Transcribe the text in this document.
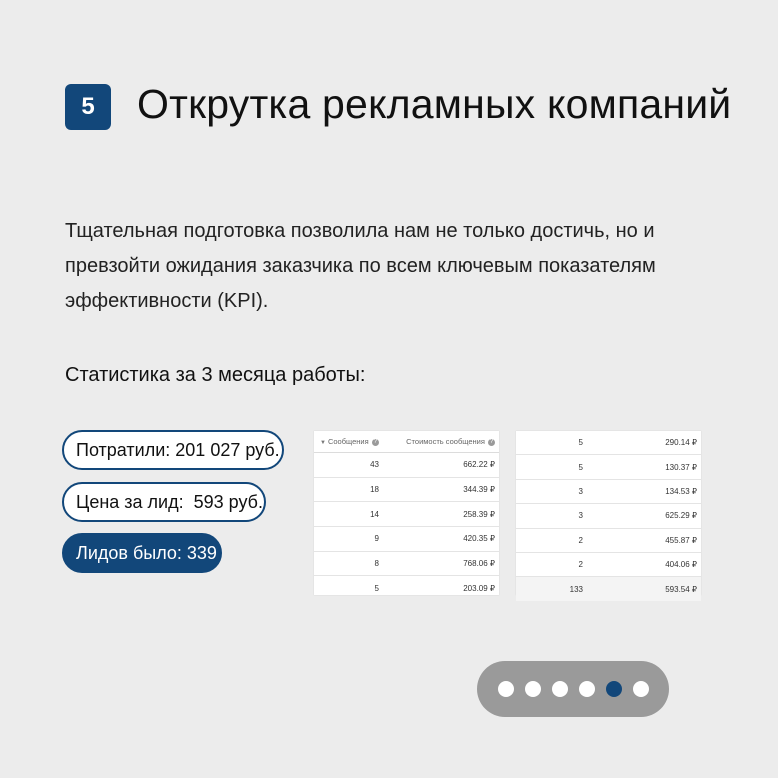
5	Открутка рекламных компаний

Тщательная подготовка позволила нам не только достичь, но и превзойти ожидания заказчика по всем ключевым показателям эффективности (KPI).

Статистика за 3 месяца работы:

Потратили: 201 027 руб.
Цена за лид:  593 руб.
Лидов было: 339
▼ Сообщения ?	Стоимость сообщения ?
43	662.22 ₽
18	344.39 ₽
14	258.39 ₽
9	420.35 ₽
8	768.06 ₽
5	203.09 ₽
5	290.14 ₽
5	130.37 ₽
3	134.53 ₽
3	625.29 ₽
2	455.87 ₽
2	404.06 ₽
133	593.54 ₽
